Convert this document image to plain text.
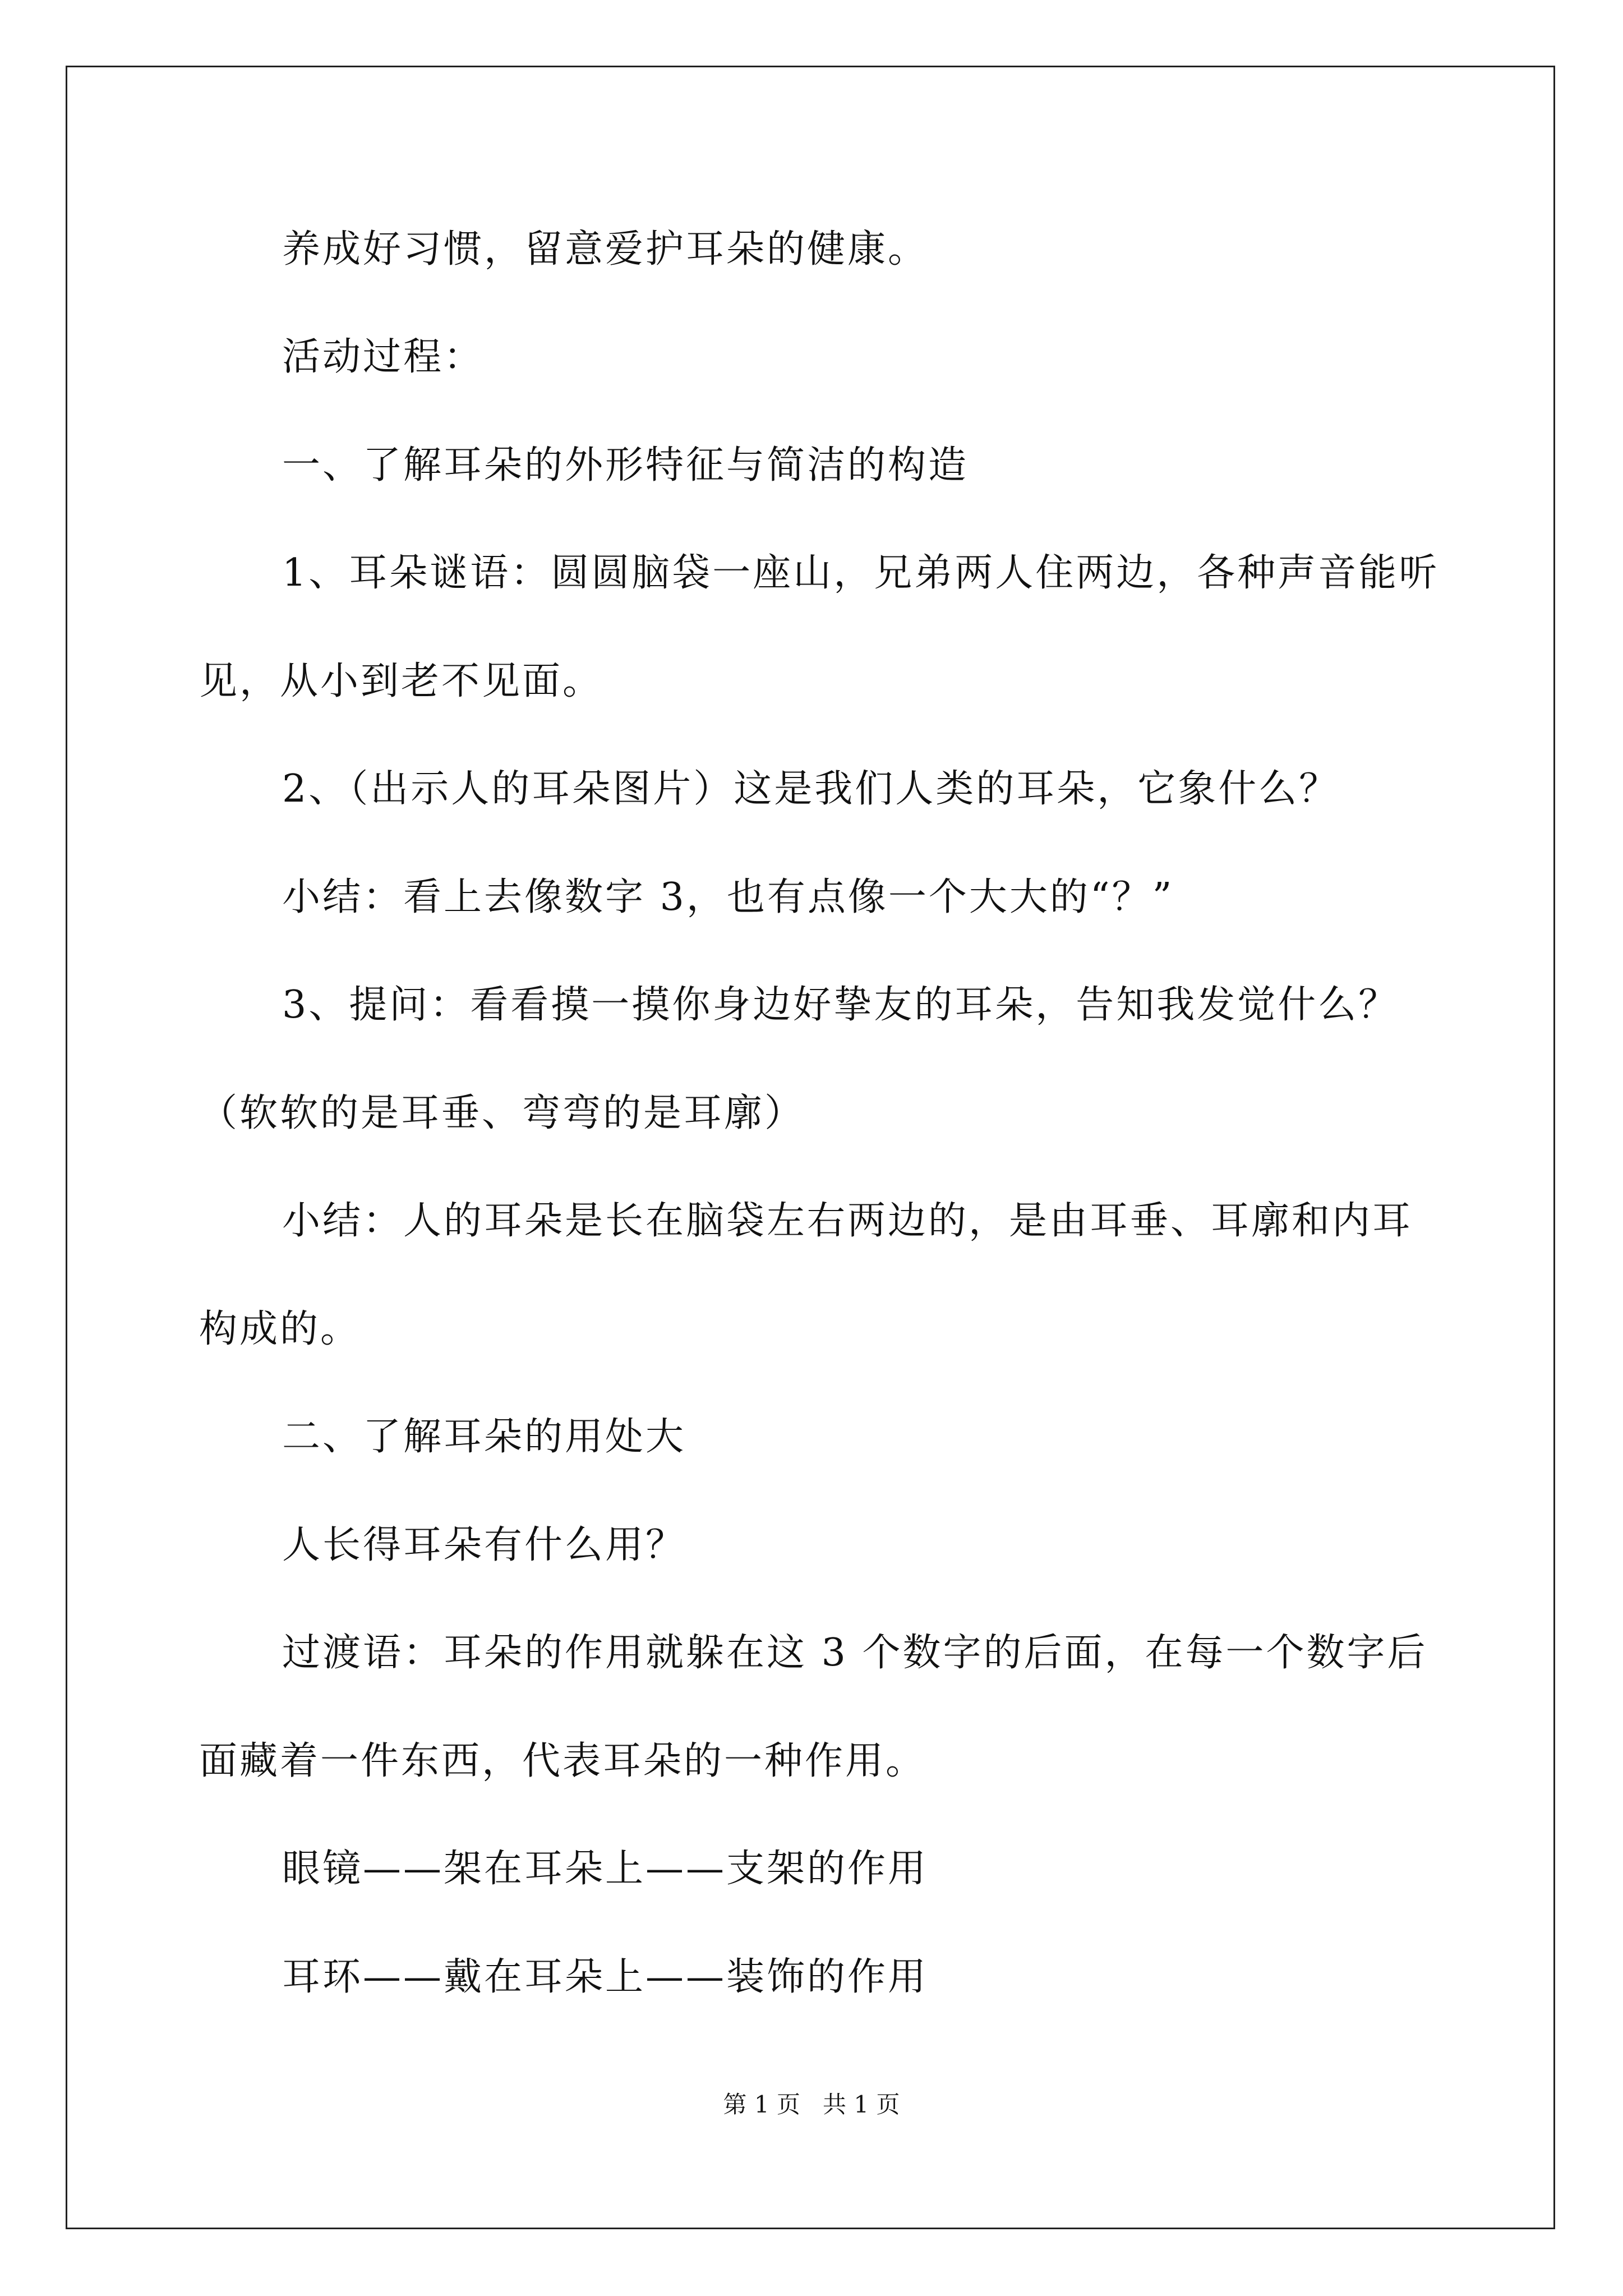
养成好习惯，留意爱护耳朵的健康。
活动过程：
一、了解耳朵的外形特征与简洁的构造
1、耳朵谜语：圆圆脑袋一座山，兄弟两人住两边，各种声音能听
见，从小到老不见面。
2、（出示人的耳朵图片）这是我们人类的耳朵，它象什么？
小结：看上去像数字 3，也有点像一个大大的“？”
3、提问：看看摸一摸你身边好挚友的耳朵，告知我发觉什么？
（软软的是耳垂、弯弯的是耳廓）
小结：人的耳朵是长在脑袋左右两边的，是由耳垂、耳廓和内耳
构成的。
二、了解耳朵的用处大
人长得耳朵有什么用？
过渡语：耳朵的作用就躲在这 3 个数字的后面，在每一个数字后
面藏着一件东西，代表耳朵的一种作用。
眼镜——架在耳朵上——支架的作用
耳环——戴在耳朵上——装饰的作用
第 1 页   共 1 页
